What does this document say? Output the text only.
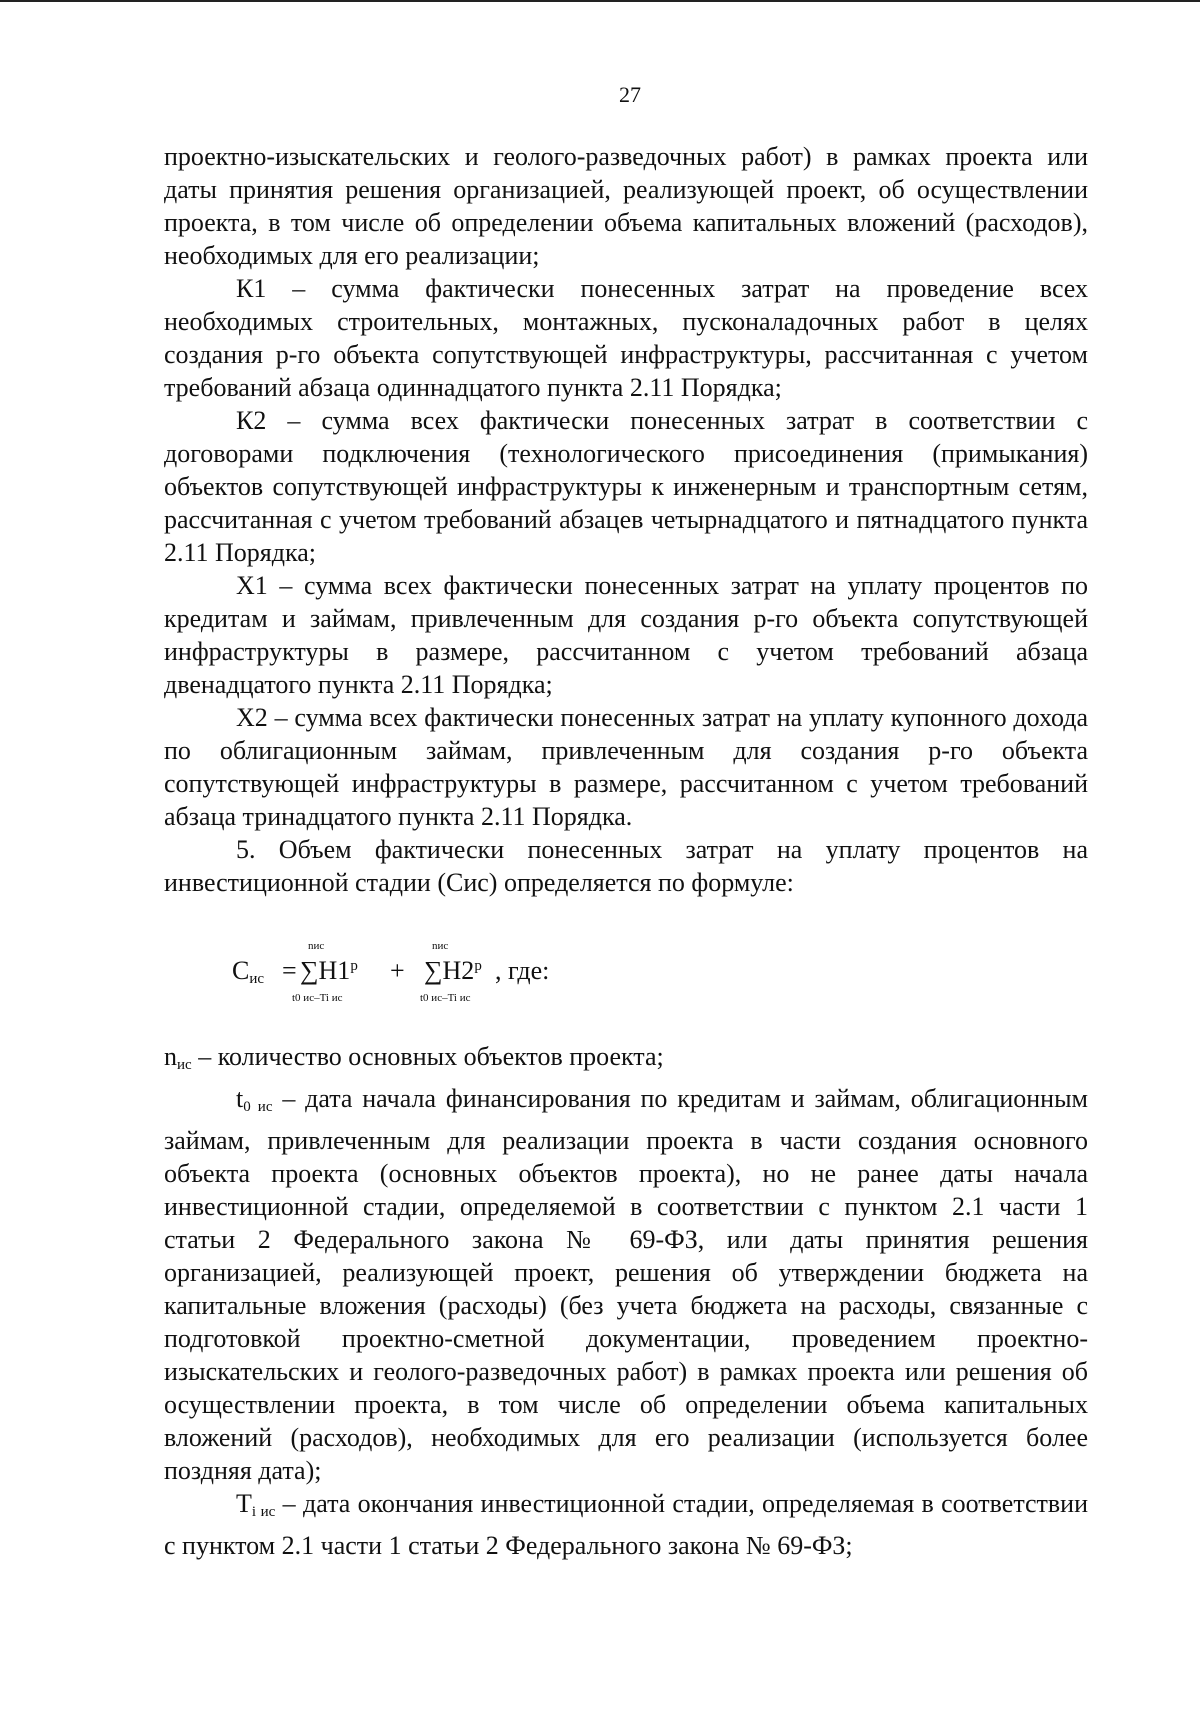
27

проектно-изыскательских и геолого-разведочных работ) в рамках проекта или даты принятия решения организацией, реализующей проект, об осуществлении проекта, в том числе об определении объема капитальных вложений (расходов), необходимых для его реализации;

К1 – сумма фактически понесенных затрат на проведение всех необходимых строительных, монтажных, пусконаладочных работ в целях создания p-го объекта сопутствующей инфраструктуры, рассчитанная с учетом требований абзаца одиннадцатого пункта 2.11 Порядка;

К2 – сумма всех фактически понесенных затрат в соответствии с договорами подключения (технологического присоединения (примыкания) объектов сопутствующей инфраструктуры к инженерным и транспортным сетям, рассчитанная с учетом требований абзацев четырнадцатого и пятнадцатого пункта 2.11 Порядка;

Х1 – сумма всех фактически понесенных затрат на уплату процентов по кредитам и займам, привлеченным для создания p-го объекта сопутствующей инфраструктуры в размере, рассчитанном с учетом требований абзаца двенадцатого пункта 2.11 Порядка;

Х2 – сумма всех фактически понесенных затрат на уплату купонного дохода по облигационным займам, привлеченным для создания p-го объекта сопутствующей инфраструктуры в размере, рассчитанном с учетом требований абзаца тринадцатого пункта 2.11 Порядка.

5. Объем фактически понесенных затрат на уплату процентов на инвестиционной стадии (Cис) определяется по формуле:

$C_{ис}$ =
nис
∑H1$^p$
t0 ис–Ti ис
+
nис
∑H2$^p$
t0 ис–Ti ис
, где:

$n_{ис}$ – количество основных объектов проекта;

$t_{0 ис}$ – дата начала финансирования по кредитам и займам, облигационным займам, привлеченным для реализации проекта в части создания основного объекта проекта (основных объектов проекта), но не ранее даты начала инвестиционной стадии, определяемой в соответствии с пунктом 2.1 части 1 статьи 2 Федерального закона № 69-ФЗ, или даты принятия решения организацией, реализующей проект, решения об утверждении бюджета на капитальные вложения (расходы) (без учета бюджета на расходы, связанные с подготовкой проектно-сметной документации, проведением проектно-изыскательских и геолого-разведочных работ) в рамках проекта или решения об осуществлении проекта, в том числе об определении объема капитальных вложений (расходов), необходимых для его реализации (используется более поздняя дата);

$T_{i ис}$ – дата окончания инвестиционной стадии, определяемая в соответствии с пунктом 2.1 части 1 статьи 2 Федерального закона № 69-ФЗ;
